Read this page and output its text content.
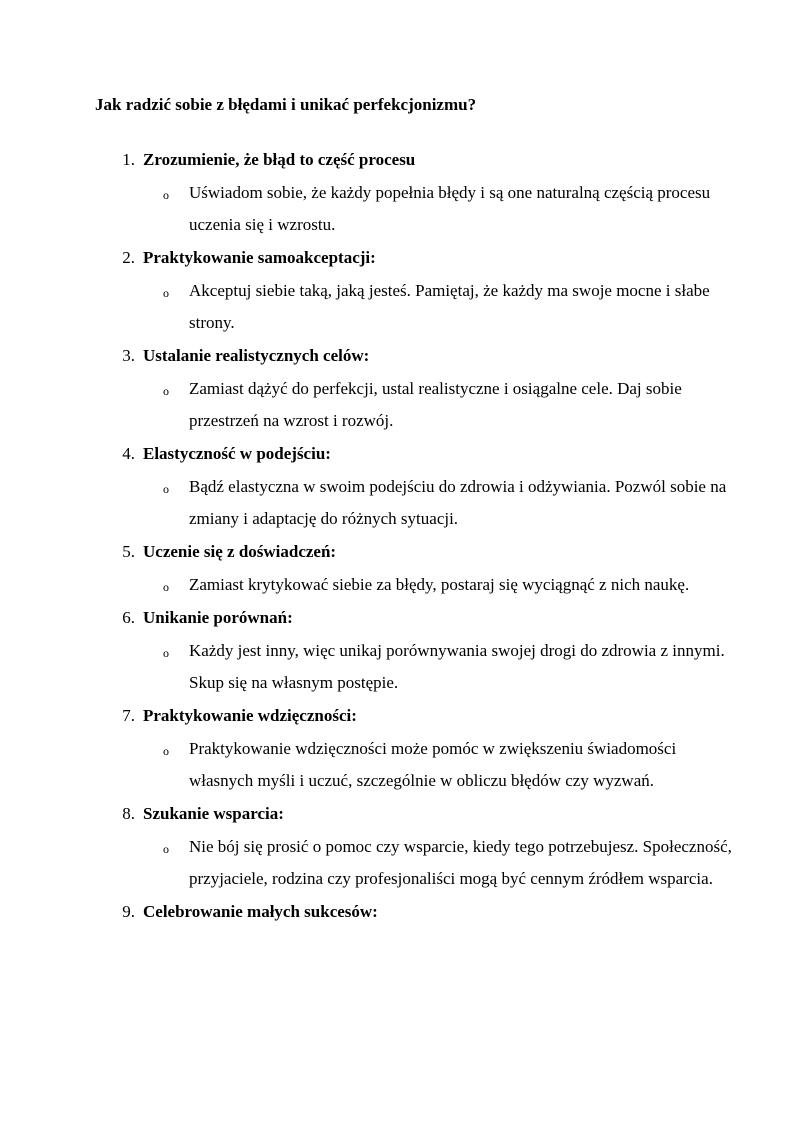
Jak radzić sobie z błędami i unikać perfekcjonizmu?
1. Zrozumienie, że błąd to część procesu
o Uświadom sobie, że każdy popełnia błędy i są one naturalną częścią procesu uczenia się i wzrostu.
2. Praktykowanie samoakceptacji:
o Akceptuj siebie taką, jaką jesteś. Pamiętaj, że każdy ma swoje mocne i słabe strony.
3. Ustalanie realistycznych celów:
o Zamiast dążyć do perfekcji, ustal realistyczne i osiągalne cele. Daj sobie przestrzeń na wzrost i rozwój.
4. Elastyczność w podejściu:
o Bądź elastyczna w swoim podejściu do zdrowia i odżywiania. Pozwól sobie na zmiany i adaptację do różnych sytuacji.
5. Uczenie się z doświadczeń:
o Zamiast krytykować siebie za błędy, postaraj się wyciągnąć z nich naukę.
6. Unikanie porównań:
o Każdy jest inny, więc unikaj porównywania swojej drogi do zdrowia z innymi. Skup się na własnym postępie.
7. Praktykowanie wdzięczności:
o Praktykowanie wdzięczności może pomóc w zwiększeniu świadomości własnych myśli i uczuć, szczególnie w obliczu błędów czy wyzwań.
8. Szukanie wsparcia:
o Nie bój się prosić o pomoc czy wsparcie, kiedy tego potrzebujesz. Społeczność, przyjaciele, rodzina czy profesjonaliści mogą być cennym źródłem wsparcia.
9. Celebrowanie małych sukcesów:
